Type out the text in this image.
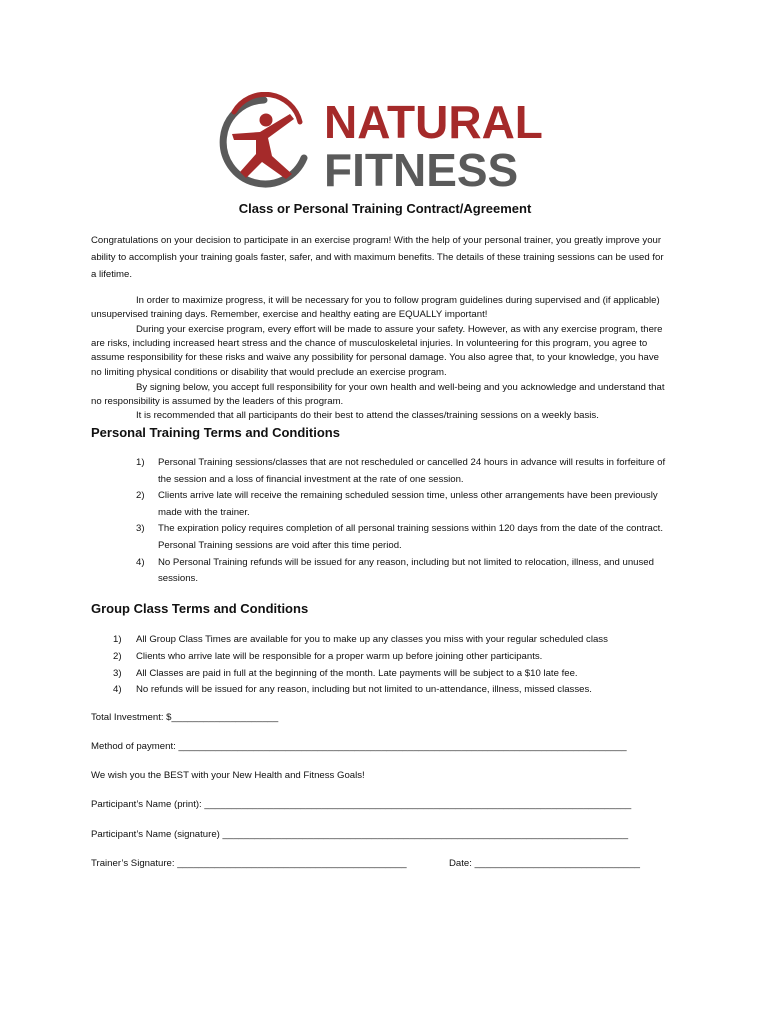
NATURAL
FITNESS
Class or Personal Training Contract/Agreement
Congratulations on your decision to participate in an exercise program! With the help of your personal trainer, you greatly improve your ability to accomplish your training goals faster, safer, and with maximum benefits. The details of these training sessions can be used for a lifetime.
In order to maximize progress, it will be necessary for you to follow program guidelines during supervised and (if applicable) unsupervised training days. Remember, exercise and healthy eating are EQUALLY important!
During your exercise program, every effort will be made to assure your safety. However, as with any exercise program, there are risks, including increased heart stress and the chance of musculoskeletal injuries. In volunteering for this program, you agree to assume responsibility for these risks and waive any possibility for personal damage. You also agree that, to your knowledge, you have no limiting physical conditions or disability that would preclude an exercise program.
By signing below, you accept full responsibility for your own health and well-being and you acknowledge and understand that no responsibility is assumed by the leaders of this program.
It is recommended that all participants do their best to attend the classes/training sessions on a weekly basis.
Personal Training Terms and Conditions
1) Personal Training sessions/classes that are not rescheduled or cancelled 24 hours in advance will results in forfeiture of the session and a loss of financial investment at the rate of one session.
2) Clients arrive late will receive the remaining scheduled session time, unless other arrangements have been previously made with the trainer.
3) The expiration policy requires completion of all personal training sessions within 120 days from the date of the contract. Personal Training sessions are void after this time period.
4) No Personal Training refunds will be issued for any reason, including but not limited to relocation, illness, and unused sessions.
Group Class Terms and Conditions
1) All Group Class Times are available for you to make up any classes you miss with your regular scheduled class
2) Clients who arrive late will be responsible for a proper warm up before joining other participants.
3) All Classes are paid in full at the beginning of the month. Late payments will be subject to a $10 late fee.
4) No refunds will be issued for any reason, including but not limited to un-attendance, illness, missed classes.
Total Investment: $____________________
Method of payment: ____________________________________________________________________________________
We wish you the BEST with your New Health and Fitness Goals!
Participant’s Name (print): ________________________________________________________________________________
Participant’s Name (signature) ____________________________________________________________________________
Trainer’s Signature: ___________________________________________	Date: _______________________________
